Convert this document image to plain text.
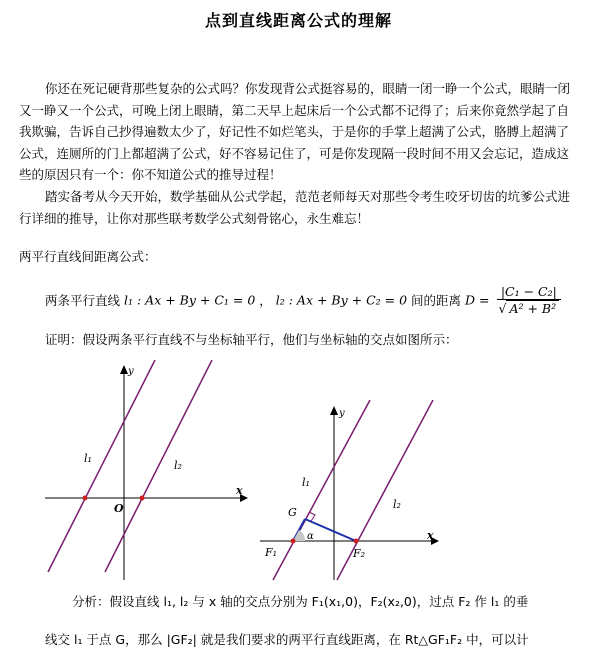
点到直线距离公式的理解
你还在死记硬背那些复杂的公式吗？你发现背公式挺容易的，眼睛一闭一睁一个公式，眼睛一闭又一睁又一个公式，可晚上闭上眼睛，第二天早上起床后一个公式都不记得了；后来你竟然学起了自我欺骗，告诉自己抄得遍数太少了，好记性不如烂笔头，于是你的手掌上超满了公式，胳膊上超满了公式，连厕所的门上都超满了公式，好不容易记住了，可是你发现隔一段时间不用又会忘记，造成这些的原因只有一个：你不知道公式的推导过程！
踏实备考从今天开始，数学基础从公式学起，范范老师每天对那些令考生咬牙切齿的坑爹公式进行详细的推导，让你对那些联考数学公式刻骨铭心，永生难忘！
两平行直线间距离公式：
两条平行直线 l₁ : Ax + By + C₁ = 0 ， l₂ : Ax + By + C₂ = 0 间的距离 $D = \frac{\text{|C₁ − C₂|}}{\text{√ A² + B²}}$
证明：假设两条平行直线不与坐标轴平行，他们与坐标轴的交点如图所示：
y
x
O
l₁
l₂
y
x
l₁
l₂
G
F₁	F₂
α
分析：假设直线 l₁, l₂ 与 x 轴的交点分别为 F₁(x₁,0)，F₂(x₂,0)，过点 F₂ 作 l₁ 的垂
线交 l₁ 于点 G，那么 |GF₂| 就是我们要求的两平行直线距离，在 Rt△GF₁F₂ 中，可以计
